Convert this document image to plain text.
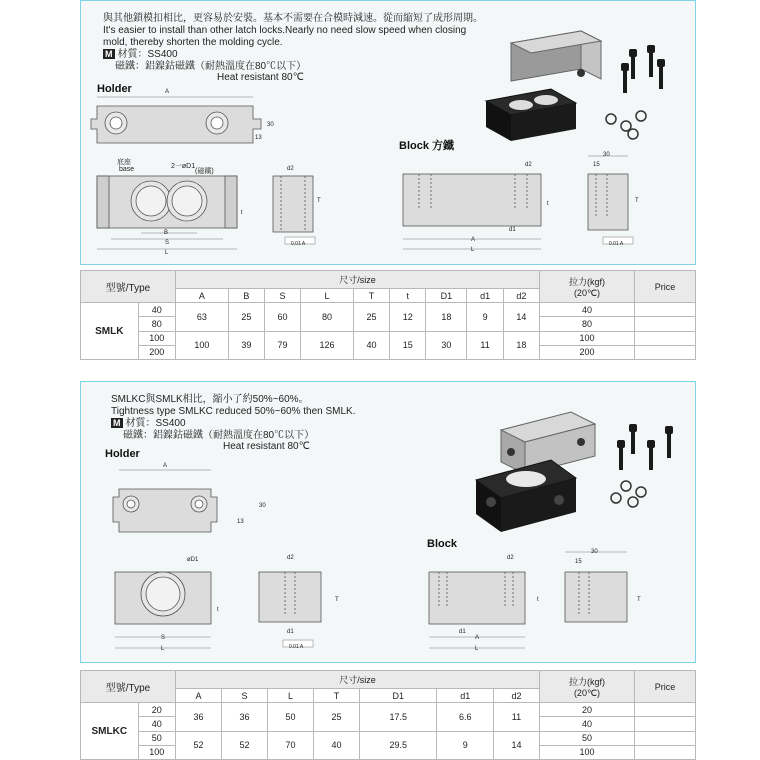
與其他鎖模扣相比，更容易於安裝。基本不需要在合模時減速。從而縮短了成形周期。
It's easier to install than other latch locks.Nearly no need slow speed when closing
mold, thereby shorten the molding cycle.
M 材質：SS400
磁鐵：鋁鎳鈷磁鐵（耐熱溫度在80℃以下）
Heat resistant 80℃
Holder
Block 方鐵
A
30
13
底座
base	2一øD1
(磁鐵)
B
S
L
t
d2
T
0.01 A
d2
d1
A
L
t
30
15
T
0.01 A
型號/Type		尺寸/size									拉力(kgf)
(20℃)	Price
		A	B	S	L	T	t	D1	d1	d2		
SMLK	40	63	25	60	80	25	12	18	9	14	40	
	80										80	
	100	100	39	79	126	40	15	30	11	18	100	
	200										200	
SMLKC與SMLK相比，縮小了約50%~60%。
Tightness type SMLKC reduced 50%~60% then SMLK.
M 材質：SS400
磁鐵：鋁鎳鈷磁鐵（耐熱溫度在80℃以下）
Heat resistant 80℃
Holder
Block
A
30
13
øD1
S
L
t
d2
d1
T
0.01 A
d2
d1
A
L
t
30
15
T
型號/Type		尺寸/size							拉力(kgf)
(20℃)	Price
		A	S	L	T	D1	d1	d2		
SMLKC	20	36	36	50	25	17.5	6.6	11	20	
	40								40	
	50	52	52	70	40	29.5	9	14	50	
	100								100	
